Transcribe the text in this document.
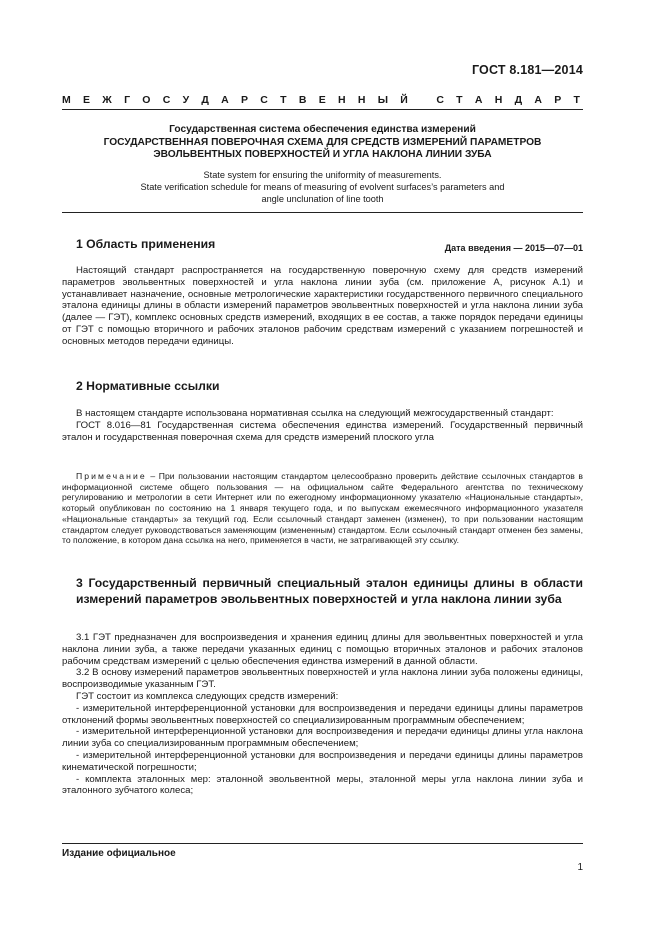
ГОСТ 8.181—2014
М Е Ж Г О С У Д А Р С Т В Е Н Н Ы Й	С Т А Н Д А Р Т
Государственная система обеспечения единства измерений
ГОСУДАРСТВЕННАЯ ПОВЕРОЧНАЯ СХЕМА ДЛЯ СРЕДСТВ ИЗМЕРЕНИЙ ПАРАМЕТРОВ
ЭВОЛЬВЕНТНЫХ ПОВЕРХНОСТЕЙ И УГЛА НАКЛОНА ЛИНИИ ЗУБА
State system for ensuring the uniformity of measurements.
State verification schedule for means of measuring of evolvent surfaces’s parameters and
angle unclunation of line tooth
Дата введения — 2015—07—01
1 Область применения

Настоящий стандарт распространяется на государственную поверочную схему для средств измерений параметров эвольвентных поверхностей и угла наклона линии зуба (см. приложение А, рисунок А.1) и устанавливает назначение, основные метрологические характеристики государственного первичного специального эталона единицы длины в области измерений параметров эвольвентных поверхностей и угла наклона линии зуба (далее — ГЭТ), комплекс основных средств измерений, входящих в ее состав, а также порядок передачи единицы от ГЭТ с помощью вторичного и рабочих эталонов рабочим средствам измерений с указанием погрешностей и основных методов передачи единицы.

2 Нормативные ссылки

В настоящем стандарте использована нормативная ссылка на следующий межгосударственный стандарт:

ГОСТ 8.016—81 Государственная система обеспечения единства измерений. Государственный первичный эталон и государственная поверочная схема для средств измерений плоского угла

Примечание – При пользовании настоящим стандартом целесообразно проверить действие ссылочных стандартов в информационной системе общего пользования — на официальном сайте Федерального агентства по техническому регулированию и метрологии в сети Интернет или по ежегодному информационному указателю «Национальные стандарты», который опубликован по состоянию на 1 января текущего года, и по выпускам ежемесячного информационного указателя «Национальные стандарты» за текущий год. Если ссылочный стандарт заменен (изменен), то при пользовании настоящим стандартом следует руководствоваться заменяющим (измененным) стандартом. Если ссылочный стандарт отменен без замены, то положение, в котором дана ссылка на него, применяется в части, не затрагивающей эту ссылку.

3 Государственный первичный специальный эталон единицы длины в области измерений параметров эвольвентных поверхностей и угла наклона линии зуба

3.1 ГЭТ предназначен для воспроизведения и хранения единиц длины для эвольвентных поверхностей и угла наклона линии зуба, а также передачи указанных единиц с помощью вторичных эталонов и рабочих эталонов рабочим средствам измерений с целью обеспечения единства измерений в данной области.

3.2 В основу измерений параметров эвольвентных поверхностей и угла наклона линии зуба положены единицы, воспроизводимые указанным ГЭТ.

ГЭТ состоит из комплекса следующих средств измерений:

- измерительной интерференционной установки для воспроизведения и передачи единицы длины параметров отклонений формы эвольвентных поверхностей со специализированным программным обеспечением;

- измерительной интерференционной установки для воспроизведения и передачи единицы длины угла наклона линии зуба со специализированным программным обеспечением;

- измерительной интерференционной установки для воспроизведения и передачи единицы длины параметров кинематической погрешности;

- комплекта эталонных мер: эталонной эвольвентной меры, эталонной меры угла наклона линии зуба и эталонного зубчатого колеса;

Издание официальное
1
